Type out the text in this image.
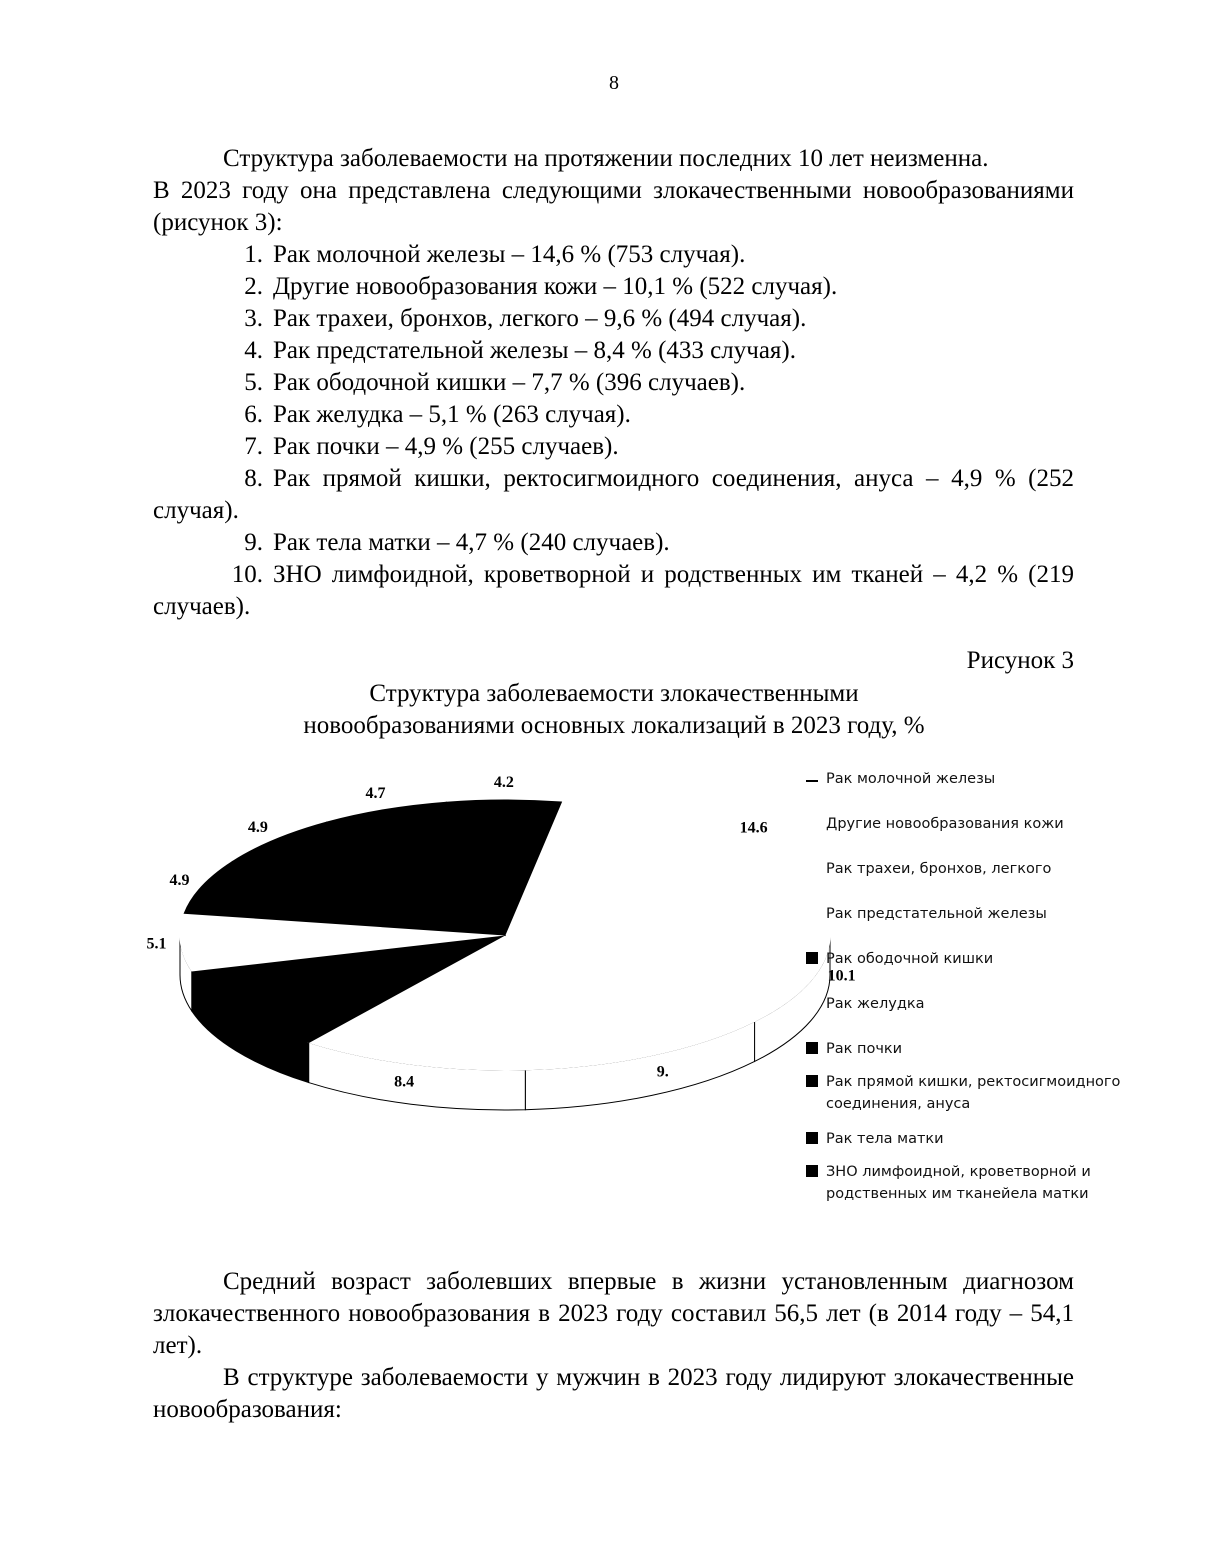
8

Структура заболеваемости на протяжении последних 10 лет неизменна.

В 2023 году она представлена следующими злокачественными новообразованиями (рисунок 3):

1. Рак молочной железы – 14,6 % (753 случая).
2. Другие новообразования кожи – 10,1 % (522 случая).
3. Рак трахеи, бронхов, легкого – 9,6 % (494 случая).
4. Рак предстательной железы – 8,4 % (433 случая).
5. Рак ободочной кишки – 7,7 % (396 случаев).
6. Рак желудка – 5,1 % (263 случая).
7. Рак почки – 4,9 % (255 случаев).
8. Рак прямой кишки, ректосигмоидного соединения, ануса – 4,9 % (252 случая).
9. Рак тела матки – 4,7 % (240 случаев).
10. ЗНО лимфоидной, кроветворной и родственных им тканей – 4,2 % (219 случаев).
Рисунок 3
Структура заболеваемости злокачественными
новообразованиями основных локализаций в 2023 году, %
14.6
10.1
9.
8.4
5.1
4.9
4.9
4.7
4.2	Рак молочной железы
Другие новообразования кожи
Рак трахеи, бронхов, легкого
Рак предстательной железы
Рак ободочной кишки
Рак желудка
Рак почки
Рак прямой кишки, ректосигмоидного соединения, ануса
Рак тела матки
ЗНО лимфоидной, кроветворной и родственных им тканейела матки

Средний возраст заболевших впервые в жизни установленным диагнозом злокачественного новообразования в 2023 году составил 56,5 лет (в 2014 году – 54,1 лет).

В структуре заболеваемости у мужчин в 2023 году лидируют злокачественные новообразования:
